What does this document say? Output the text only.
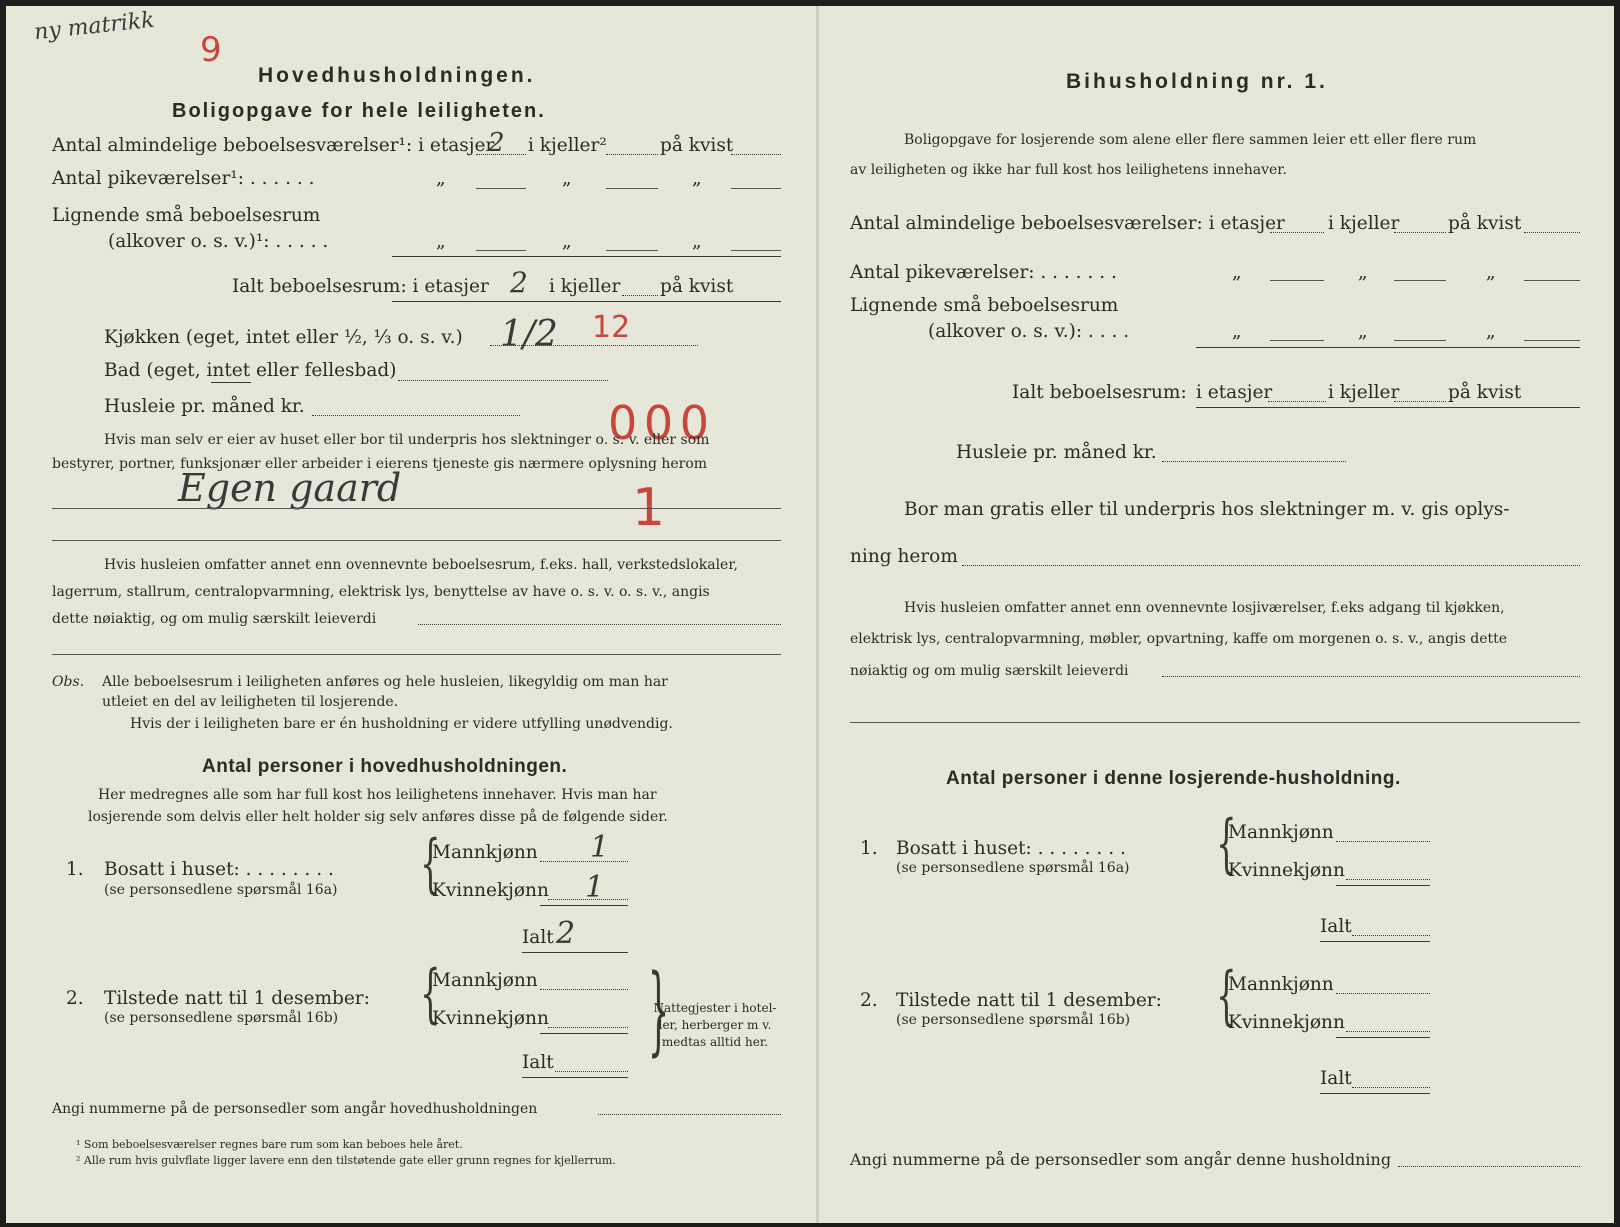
ny matrikk
9
Hovedhusholdningen.
Boligopgave for hele leiligheten.
Antal almindelige beboelsesværelser¹: i etasjer
2 i kjeller²	på kvist
Antal pikeværelser¹: . . . . . .	„	„	„
Lignende små beboelsesrum
(alkover o. s. v.)¹: . . . . .	„	„	„
Ialt beboelsesrum: i etasjer 2 i kjeller på kvist
Kjøkken (eget, intet eller ½, ⅓ o. s. v.) 1/2 12
Bad (eget, intet eller fellesbad)
Husleie pr. måned kr.	0 0 0
Hvis man selv er eier av huset eller bor til underpris hos slektninger o. s. v. eller som
bestyrer, portner, funksjonær eller arbeider i eierens tjeneste gis nærmere oplysning herom
Egen gaard	1
Hvis husleien omfatter annet enn ovennevnte beboelsesrum, f.eks. hall, verkstedslokaler,
lagerrum, stallrum, centralopvarmning, elektrisk lys, benyttelse av have o. s. v. o. s. v., angis
dette nøiaktig, og om mulig særskilt leieverdi
Obs. Alle beboelsesrum i leiligheten anføres og hele husleien, likegyldig om man har
utleiet en del av leiligheten til losjerende.
Hvis der i leiligheten bare er én husholdning er videre utfylling unødvendig.
Antal personer i hovedhusholdningen.
Her medregnes alle som har full kost hos leilighetens innehaver. Hvis man har
losjerende som delvis eller helt holder sig selv anføres disse på de følgende sider.
1. Bosatt i huset: . . . . . . . .
(se personsedlene spørsmål 16a) {
Mannkjønn 1
Kvinnekjønn 1
Ialt 2
2. Tilstede natt til 1 desember:
(se personsedlene spørsmål 16b) {
Mannkjønn
Kvinnekjønn
Ialt }
Nattegjester i hotel-
ler, herberger m v.
medtas alltid her.
Angi nummerne på de personsedler som angår hovedhusholdningen
¹ Som beboelsesværelser regnes bare rum som kan beboes hele året.
² Alle rum hvis gulvflate ligger lavere enn den tilstøtende gate eller grunn regnes for kjellerrum.
Bihusholdning nr. 1.
Boligopgave for losjerende som alene eller flere sammen leier ett eller flere rum
av leiligheten og ikke har full kost hos leilighetens innehaver.
Antal almindelige beboelsesværelser: i etasjer i kjeller	på kvist
Antal pikeværelser: . . . . . . .	„	„	„
Lignende små beboelsesrum
(alkover o. s. v.): . . . .	„	„	„
Ialt beboelsesrum: i etasjer	i kjeller	på kvist
Husleie pr. måned kr.
Bor man gratis eller til underpris hos slektninger m. v. gis oplys-
ning herom
Hvis husleien omfatter annet enn ovennevnte losjiværelser, f.eks adgang til kjøkken,
elektrisk lys, centralopvarmning, møbler, opvartning, kaffe om morgenen o. s. v., angis dette
nøiaktig og om mulig særskilt leieverdi
Antal personer i denne losjerende-husholdning.
1. Bosatt i huset: . . . . . . . .
(se personsedlene spørsmål 16a) {
Mannkjønn
Kvinnekjønn
Ialt
2. Tilstede natt til 1 desember:
(se personsedlene spørsmål 16b) {
Mannkjønn
Kvinnekjønn
Ialt
Angi nummerne på de personsedler som angår denne husholdning
